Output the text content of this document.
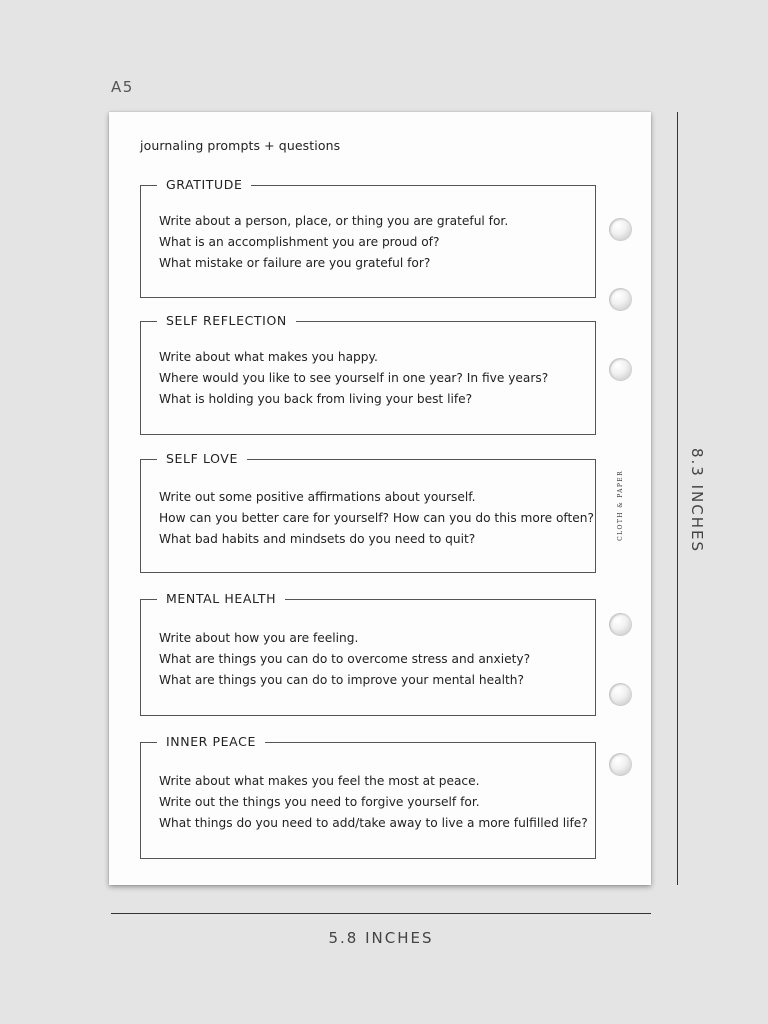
A5
journaling prompts + questions
GRATITUDE
Write about a person, place, or thing you are grateful for.
What is an accomplishment you are proud of?
What mistake or failure are you grateful for?
SELF REFLECTION
Write about what makes you happy.
Where would you like to see yourself in one year? In five years?
What is holding you back from living your best life?
SELF LOVE
Write out some positive affirmations about yourself.
How can you better care for yourself? How can you do this more often?
What bad habits and mindsets do you need to quit?
MENTAL HEALTH
Write about how you are feeling.
What are things you can do to overcome stress and anxiety?
What are things you can do to improve your mental health?
INNER PEACE
Write about what makes you feel the most at peace.
Write out the things you need to forgive yourself for.
What things do you need to add/take away to live a more fulfilled life?
CLOTH & PAPER	8.3 INCHES
5.8 INCHES
